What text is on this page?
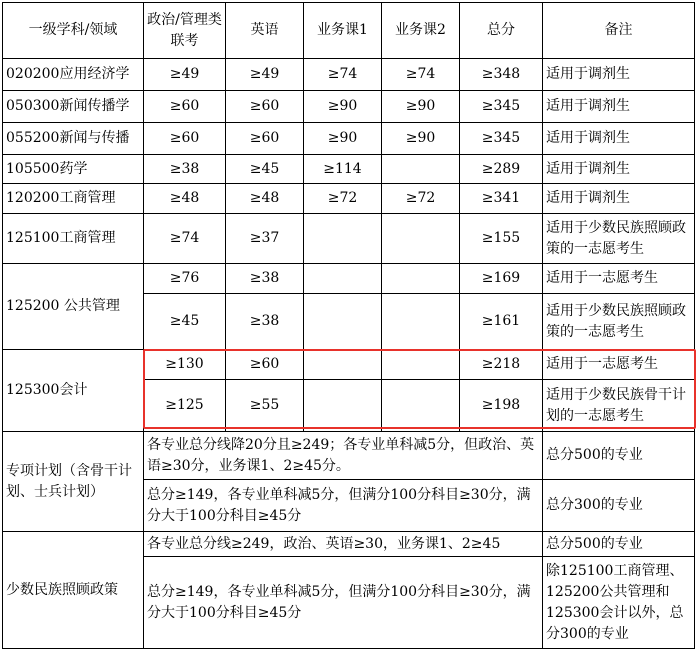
一级学科/领域	政治/管理类联考	英语	业务课1	业务课2	总分	备注
020200应用经济学	≥49	≥49	≥74	≥74	≥348	适用于调剂生
050300新闻传播学	≥60	≥60	≥90	≥90	≥345	适用于调剂生
055200新闻与传播	≥60	≥60	≥90	≥90	≥345	适用于调剂生
105500药学	≥38	≥45	≥114		≥289	适用于调剂生
120200工商管理	≥48	≥48	≥72	≥72	≥341	适用于调剂生
125100工商管理	≥74	≥37			≥155	适用于少数民族照顾政策的一志愿考生
125200 公共管理	≥76	≥38			≥169	适用于一志愿考生
	≥45	≥38			≥161	适用于少数民族照顾政策的一志愿考生
125300会计	≥130	≥60			≥218	适用于一志愿考生
	≥125	≥55			≥198	适用于少数民族骨干计划的一志愿考生
专项计划（含骨干计划、士兵计划）	各专业总分线降20分且≥249；各专业单科减5分，但政治、英语≥30分，业务课1、2≥45分。					总分500的专业
	总分≥149，各专业单科减5分，但满分100分科目≥30分，满分大于100分科目≥45分					总分300的专业
少数民族照顾政策	各专业总分线≥249，政治、英语≥30，业务课1、2≥45					总分500的专业
	总分≥149，各专业单科减5分，但满分100分科目≥30分，满分大于100分科目≥45分					除125100工商管理、125200公共管理和125300会计以外，总分300的专业
